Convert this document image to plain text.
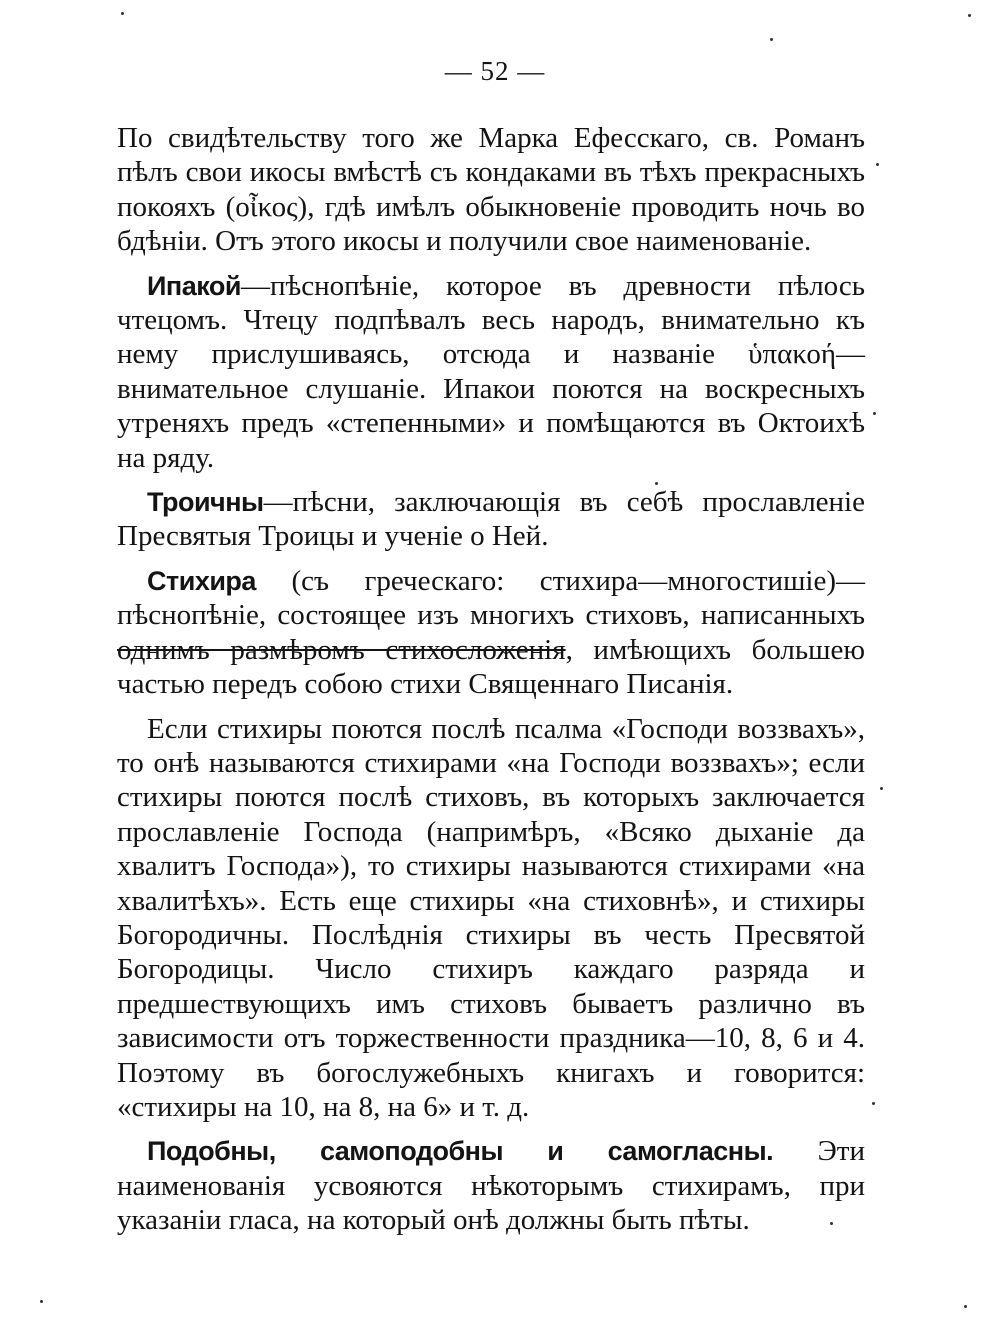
— 52 —

По свидѣтельству того же Марка Ефесскаго, св. Романъ пѣлъ свои икосы вмѣстѣ съ кондаками въ тѣхъ прекрасныхъ покояхъ (οἶκος), гдѣ имѣлъ обыкновеніе проводить ночь во бдѣніи. Отъ этого икосы и получили свое наименованіе.

Ипакой—пѣснопѣніе, которое въ древности пѣлось чтецомъ. Чтецу подпѣвалъ весь народъ, внимательно къ нему прислушиваясь, отсюда и названіе ὑπακοή—внимательное слушаніе. Ипакои поются на воскресныхъ утреняхъ предъ «степенными» и помѣщаются въ Октоихѣ на ряду.

Троичны—пѣсни, заключающія въ себѣ прославленіе Пресвятыя Троицы и ученіе о Ней.

Стихира (съ греческаго: стихира—многостишіе)—пѣснопѣніе, состоящее изъ многихъ стиховъ, написанныхъ однимъ размѣромъ стихосложенія, имѣющихъ большею частью передъ собою стихи Священнаго Писанія.

Если стихиры поются послѣ псалма «Господи воззвахъ», то онѣ называются стихирами «на Господи воззвахъ»; если стихиры поются послѣ стиховъ, въ которыхъ заключается прославленіе Господа (напримѣръ, «Всяко дыханіе да хвалитъ Господа»), то стихиры называются стихирами «на хвалитѣхъ». Есть еще стихиры «на стиховнѣ», и стихиры Богородичны. Послѣднія стихиры въ честь Пресвятой Богородицы. Число стихиръ каждаго разряда и предшествующихъ имъ стиховъ бываетъ различно въ зависимости отъ торжественности праздника—10, 8, 6 и 4. Поэтому въ богослужебныхъ книгахъ и говорится: «стихиры на 10, на 8, на 6» и т. д.

Подобны, самоподобны и самогласны. Эти наименованія усвояются нѣкоторымъ стихирамъ, при указаніи гласа, на который онѣ должны быть пѣты.
